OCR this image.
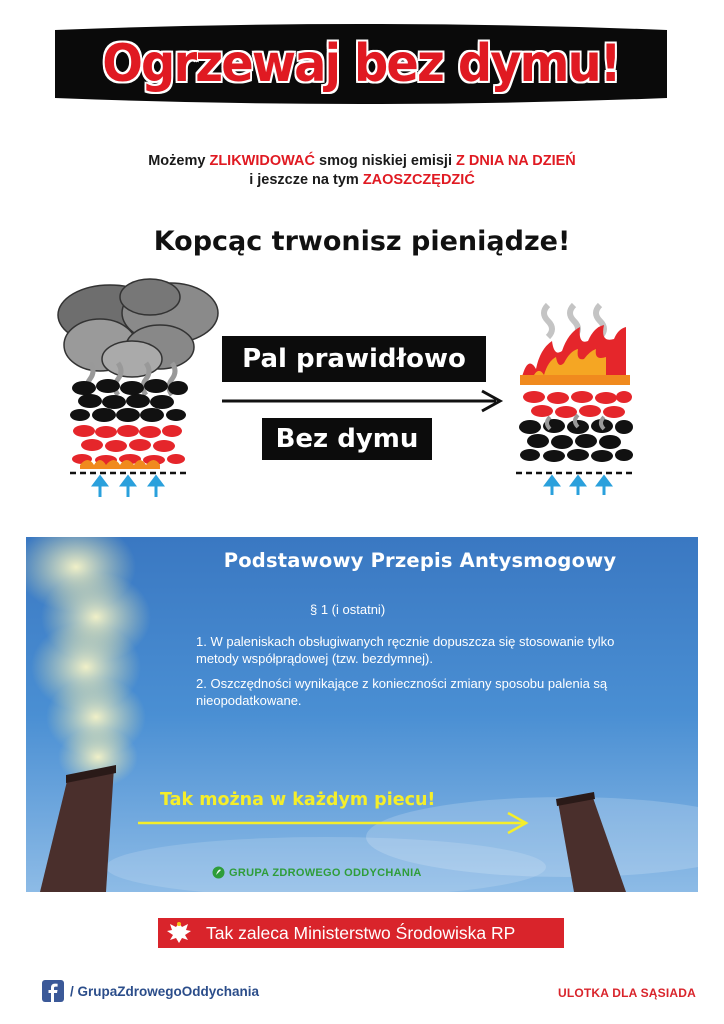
Ogrzewaj bez dymu!
Możemy ZLIKWIDOWAĆ smog niskiej emisji Z DNIA NA DZIEŃ
i jeszcze na tym ZAOSZCZĘDZIĆ
Kopcąc trwonisz pieniądze!
Pal prawidłowo
Bez dymu
Podstawowy Przepis Antysmogowy
§ 1 (i ostatni)
1. W paleniskach obsługiwanych ręcznie dopuszcza się stosowanie tylko metody współprądowej (tzw. bezdymnej).
2. Oszczędności wynikające z konieczności zmiany sposobu palenia są nieopodatkowane.
Tak można w każdym piecu!
GRUPA ZDROWEGO ODDYCHANIA
Tak zaleca Ministerstwo Środowiska RP
/ GrupaZdrowegoOddychania	ULOTKA DLA SĄSIADA
